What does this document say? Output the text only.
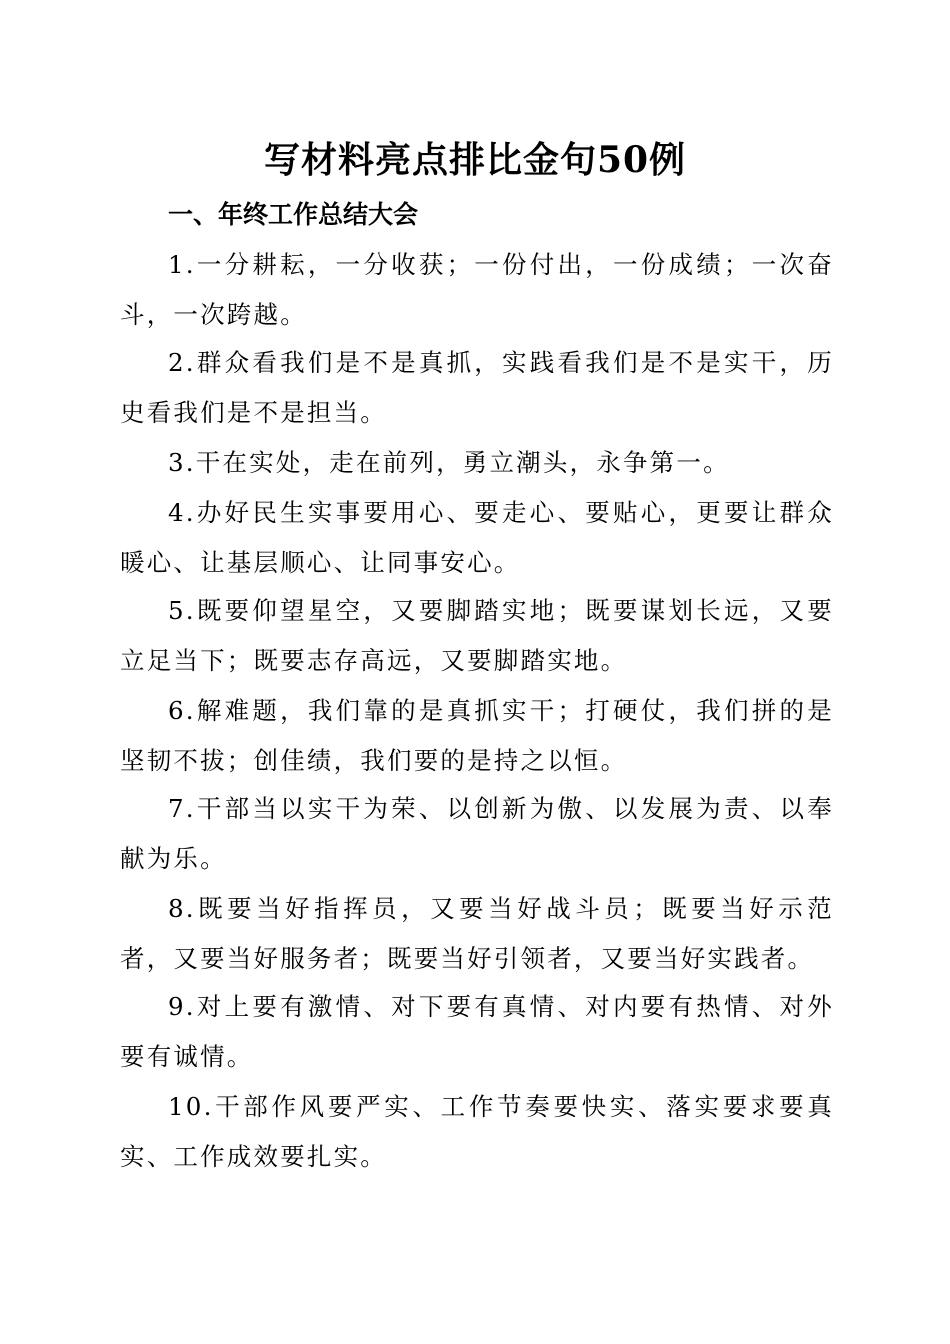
写材料亮点排比金句50例
一、年终工作总结大会

1.一分耕耘，一分收获；一份付出，一份成绩；一次奋斗，一次跨越。

2.群众看我们是不是真抓，实践看我们是不是实干，历史看我们是不是担当。

3.干在实处，走在前列，勇立潮头，永争第一。

4.办好民生实事要用心、要走心、要贴心，更要让群众暖心、让基层顺心、让同事安心。

5.既要仰望星空，又要脚踏实地；既要谋划长远，又要立足当下；既要志存高远，又要脚踏实地。

6.解难题，我们靠的是真抓实干；打硬仗，我们拼的是坚韧不拔；创佳绩，我们要的是持之以恒。

7.干部当以实干为荣、以创新为傲、以发展为责、以奉献为乐。

8.既要当好指挥员，又要当好战斗员；既要当好示范者，又要当好服务者；既要当好引领者，又要当好实践者。

9.对上要有激情、对下要有真情、对内要有热情、对外要有诚情。

10.干部作风要严实、工作节奏要快实、落实要求要真实、工作成效要扎实。
